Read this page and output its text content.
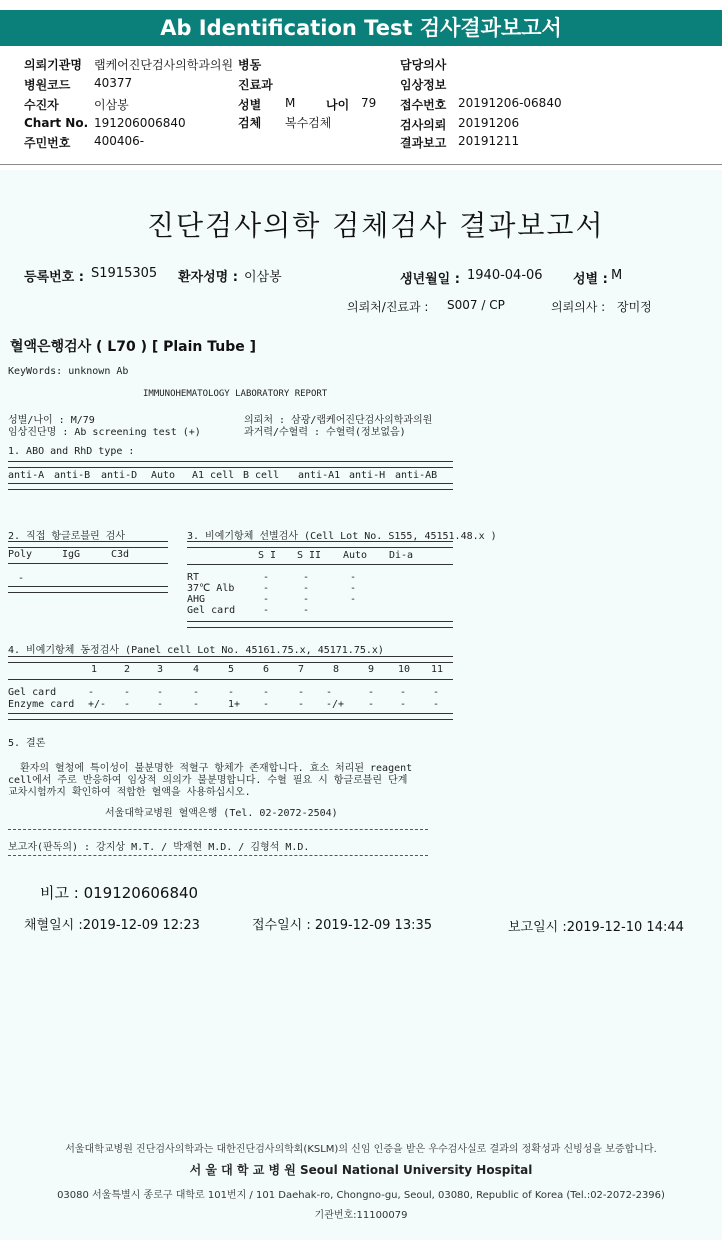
Ab Identification Test 검사결과보고서
의뢰기관명 랩케어진단검사의학과의원 병동	담당의사
병원코드 40377	진료과	임상정보
수진자	이삼봉	성별 M	나이 79 접수번호 20191206-06840
Chart No. 191206006840	검체 복수검체	검사의뢰 20191206
주민번호 400406-	결과보고 20191211
진단검사의학 검체검사 결과보고서
등록번호 : S1915305 환자성명 : 이삼봉	생년월일 : 1940-04-06 성별 : M
의뢰처/진료과 : S007 / CP	의뢰의사 : 장미정
혈액은행검사 ( L70 ) [ Plain Tube ]
KeyWords: unknown Ab
IMMUNOHEMATOLOGY LABORATORY REPORT
성별/나이 : M/79
임상진단명 : Ab screening test (+)
의뢰처 : 삼광/랩케어진단검사의학과의원
과거력/수혈력 : 수혈력(정보없음)
1. ABO and RhD type :
anti-A anti-B anti-D Auto A1 cell B cell anti-A1 anti-H anti-AB
2. 직접 항글로블린 검사
Poly	IgG	C3d
-
3. 비예기항체 선별검사 (Cell Lot No. S155, 45151.48.x )
S I S II Auto Di-a
RT	-	-	-
37℃ Alb	-	-	-
AHG	-	-	-
Gel card	-	-
4. 비예기항체 동정검사 (Panel cell Lot No. 45161.75.x, 45171.75.x)
1	2	3	4	5	6	7	8	9 10 11
Gel card	-	-	-	-	-	-	- -	-	-	-
Enzyme card +/- -	-	-	1+ -	- -/+ -	-	-
5. 결론
환자의 혈청에 특이성이 불분명한 적혈구 항체가 존재합니다. 효소 처리된 reagent
cell에서 주로 반응하여 임상적 의의가 불분명합니다. 수혈 필요 시 항글로블린 단계
교차시험까지 확인하여 적합한 혈액을 사용하십시오.
서울대학교병원 혈액은행 (Tel. 02-2072-2504)
보고자(판독의) : 강지상 M.T. / 박재현 M.D. / 김형석 M.D.
비고 : 019120606840
채혈일시 :2019-12-09 12:23	접수일시 : 2019-12-09 13:35	보고일시 :2019-12-10 14:44
서울대학교병원 진단검사의학과는 대한진단검사의학회(KSLM)의 신임 인증을 받은 우수검사실로 결과의 정확성과 신빙성을 보증합니다.
서 울 대 학 교 병 원 Seoul National University Hospital
03080 서울특별시 종로구 대학로 101번지 / 101 Daehak-ro, Chongno-gu, Seoul, 03080, Republic of Korea (Tel.:02-2072-2396)
기관번호:11100079
